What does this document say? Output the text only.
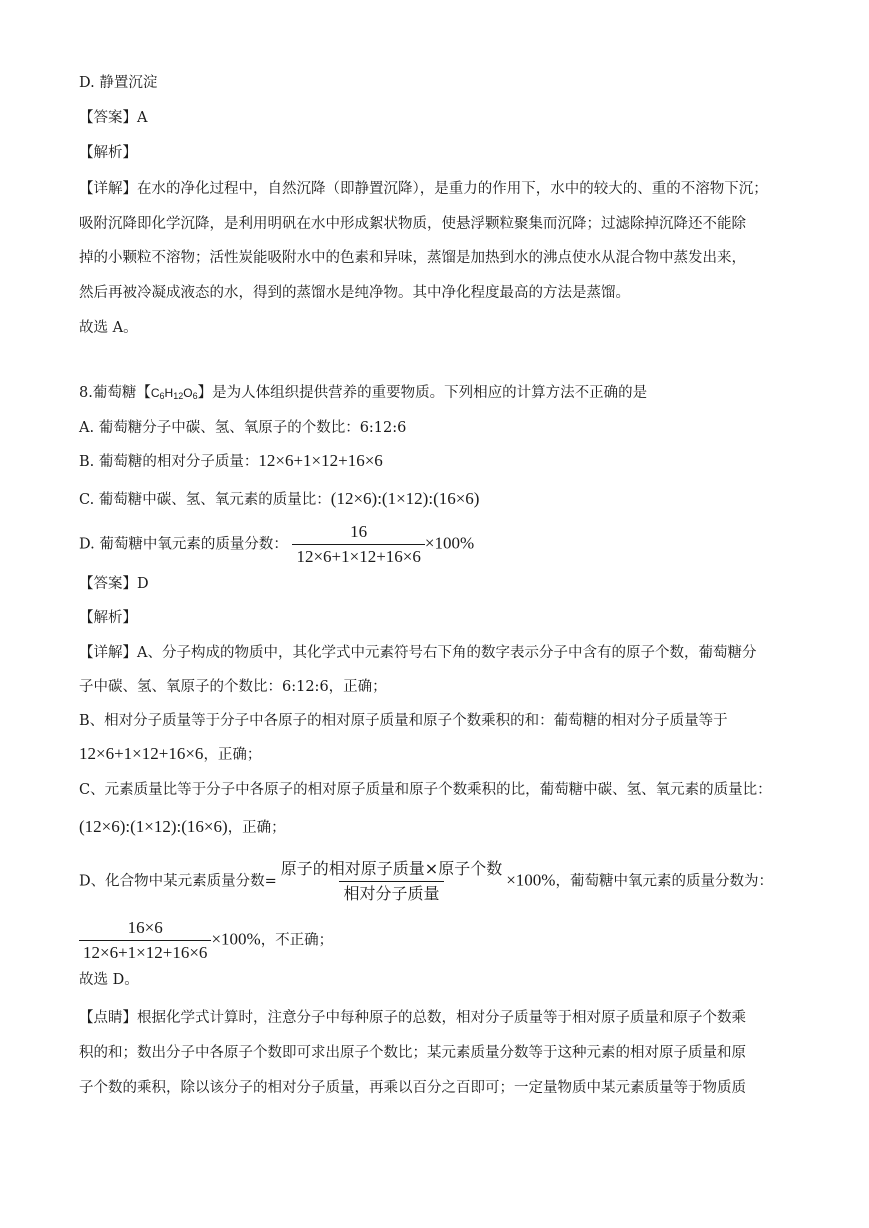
D. 静置沉淀
【答案】A
【解析】
【详解】在水的净化过程中，自然沉降（即静置沉降），是重力的作用下，水中的较大的、重的不溶物下沉；
吸附沉降即化学沉降，是利用明矾在水中形成絮状物质，使悬浮颗粒聚集而沉降；过滤除掉沉降还不能除
掉的小颗粒不溶物；活性炭能吸附水中的色素和异味，蒸馏是加热到水的沸点使水从混合物中蒸发出来，
然后再被冷凝成液态的水，得到的蒸馏水是纯净物。其中净化程度最高的方法是蒸馏。
故选 A。
8.葡萄糖【$C_6H_{12}O_6$】是为人体组织提供营养的重要物质。下列相应的计算方法不正确的是
A. 葡萄糖分子中碳、氢、氧原子的个数比：6:12:6
B. 葡萄糖的相对分子质量：12×6+1×12+16×6
C. 葡萄糖中碳、氢、氧元素的质量比：(12×6):(1×12):(16×6)
D. 葡萄糖中氧元素的质量分数： $\frac{16}{12\times 6+1\times 12+16\times 6} \times 100\%$
【答案】D
【解析】
【详解】A、分子构成的物质中，其化学式中元素符号右下角的数字表示分子中含有的原子个数，葡萄糖分
子中碳、氢、氧原子的个数比：6:12:6，正确；
B、相对分子质量等于分子中各原子的相对原子质量和原子个数乘积的和：葡萄糖的相对分子质量等于
12×6+1×12+16×6，正确；
C、元素质量比等于分子中各原子的相对原子质量和原子个数乘积的比，葡萄糖中碳、氢、氧元素的质量比：
(12×6):(1×12):(16×6)，正确；
D、化合物中某元素质量分数= $\frac{\text{原子的相对原子质量×原子个数}}{\text{相对分子质量}} \times 100\%$，葡萄糖中氧元素的质量分数为：
$\frac{16\times 6}{12\times 6+1\times 12+16\times 6} \times 100\%$，不正确；
故选 D。
【点睛】根据化学式计算时，注意分子中每种原子的总数，相对分子质量等于相对原子质量和原子个数乘
积的和；数出分子中各原子个数即可求出原子个数比；某元素质量分数等于这种元素的相对原子质量和原
子个数的乘积，除以该分子的相对分子质量，再乘以百分之百即可；一定量物质中某元素质量等于物质质
